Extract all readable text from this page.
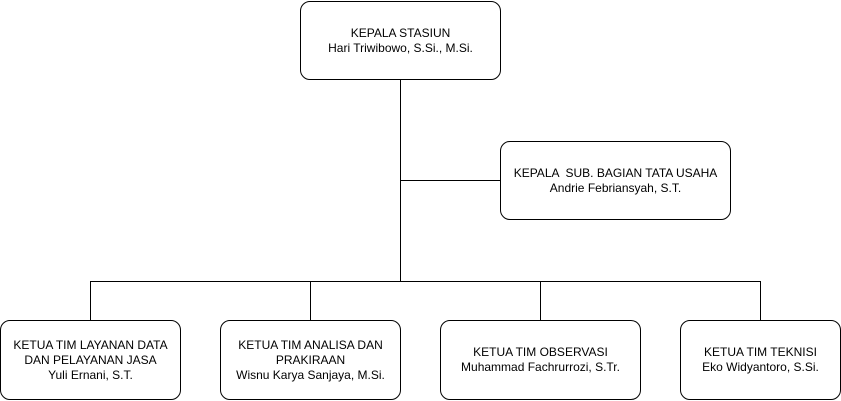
KEPALA STASIUN
Hari Triwibowo, S.Si., M.Si.
KEPALA  SUB. BAGIAN TATA USAHA
Andrie Febriansyah, S.T.
KETUA TIM LAYANAN DATA
DAN PELAYANAN JASA
Yuli Ernani, S.T.
KETUA TIM ANALISA DAN
PRAKIRAAN
Wisnu Karya Sanjaya, M.Si.
KETUA TIM OBSERVASI
Muhammad Fachrurrozi, S.Tr.
KETUA TIM TEKNISI
Eko Widyantoro, S.Si.
